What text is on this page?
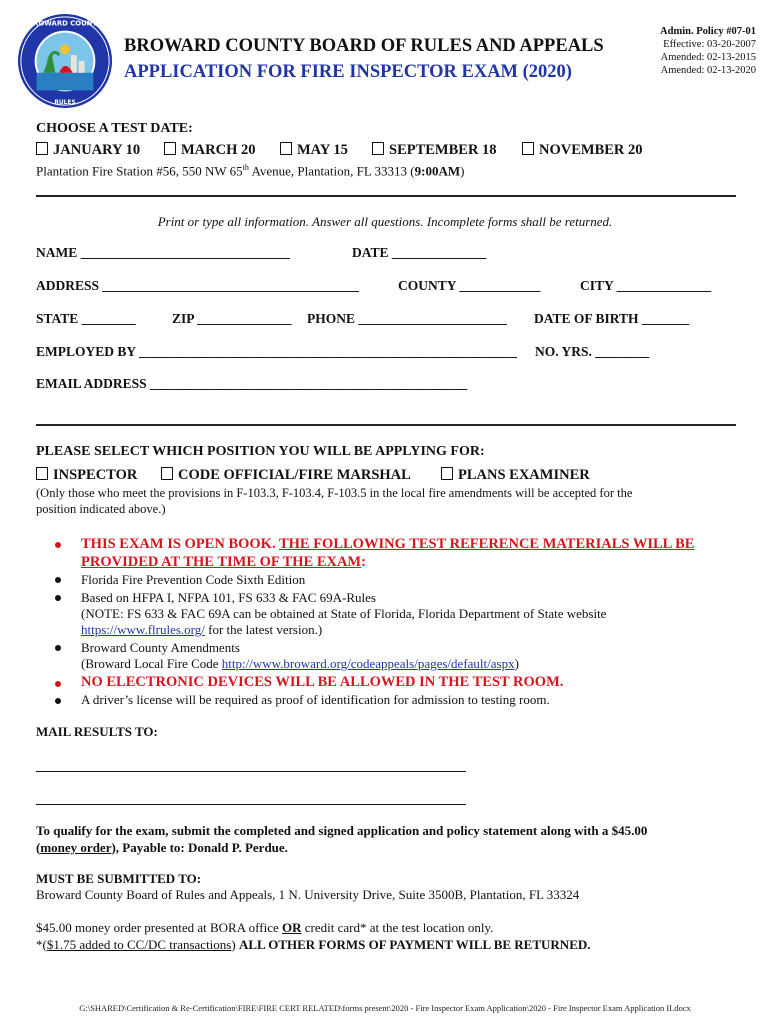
BROWARD COUNTY
RULES
BROWARD COUNTY BOARD OF RULES AND APPEALS
APPLICATION FOR FIRE INSPECTOR EXAM (2020)
Admin. Policy #07-01
Effective: 03-20-2007
Amended: 02-13-2015
Amended: 02-13-2020
CHOOSE A TEST DATE:
JANUARY 10	MARCH 20	MAY 15	SEPTEMBER 18	NOVEMBER 20
Plantation Fire Station #56, 550 NW 65th Avenue, Plantation, FL 33313 (9:00AM)
Print or type all information. Answer all questions. Incomplete forms shall be returned.
NAME _______________________________	DATE ______________
ADDRESS ______________________________________	COUNTY ____________	CITY ______________
STATE ________	ZIP ______________ PHONE ______________________ DATE OF BIRTH _______
EMPLOYED BY ________________________________________________________ NO. YRS. ________
EMAIL ADDRESS _______________________________________________
PLEASE SELECT WHICH POSITION YOU WILL BE APPLYING FOR:
INSPECTOR	CODE OFFICIAL/FIRE MARSHAL	PLANS EXAMINER
(Only those who meet the provisions in F-103.3, F-103.4, F-103.5 in the local fire amendments will be accepted for the
position indicated above.)
THIS EXAM IS OPEN BOOK. THE FOLLOWING TEST REFERENCE MATERIALS WILL BE
PROVIDED AT THE TIME OF THE EXAM:
Florida Fire Prevention Code Sixth Edition
Based on HFPA I, NFPA 101, FS 633 & FAC 69A-Rules
(NOTE: FS 633 & FAC 69A can be obtained at State of Florida, Florida Department of State website
https://www.flrules.org/ for the latest version.)
Broward County Amendments
(Broward Local Fire Code http://www.broward.org/codeappeals/pages/default/aspx)
NO ELECTRONIC DEVICES WILL BE ALLOWED IN THE TEST ROOM.
A driver’s license will be required as proof of identification for admission to testing room.
MAIL RESULTS TO:
To qualify for the exam, submit the completed and signed application and policy statement along with a $45.00
(money order), Payable to: Donald P. Perdue.
MUST BE SUBMITTED TO:
Broward County Board of Rules and Appeals, 1 N. University Drive, Suite 3500B, Plantation, FL 33324
$45.00 money order presented at BORA office OR credit card* at the test location only.
*($1.75 added to CC/DC transactions) ALL OTHER FORMS OF PAYMENT WILL BE RETURNED.
G:\SHARED\Certification & Re-Certification\FIRE\FIRE CERT RELATED\forms present\2020 - Fire Inspector Exam Application\2020 - Fire Inspector Exam Application II.docx
